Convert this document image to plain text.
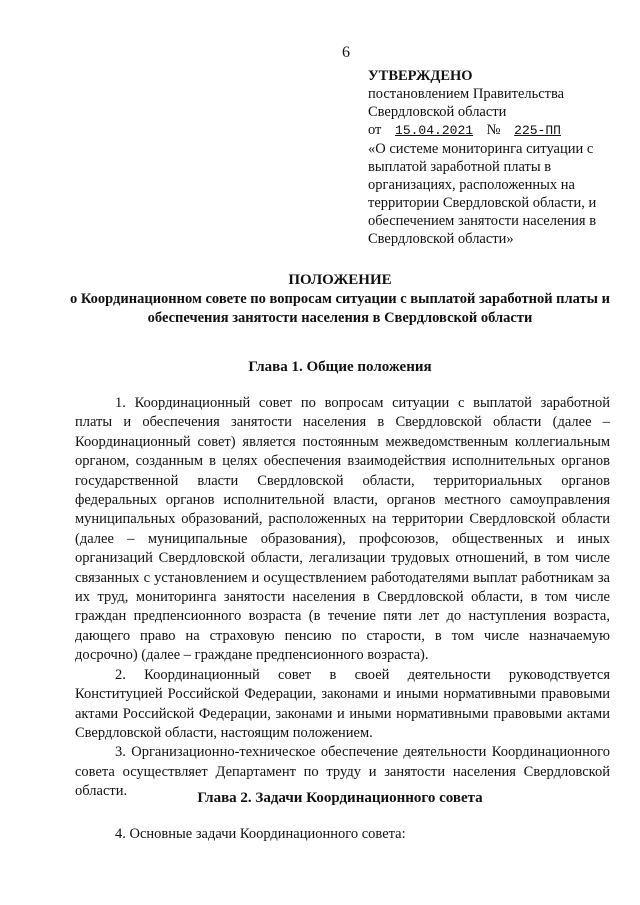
6
УТВЕРЖДЕНО
постановлением Правительства
Свердловской области
от 15.04.2021 № 225-ПП
«О системе мониторинга ситуации с выплатой заработной платы в организациях, расположенных на территории Свердловской области, и обеспечением занятости населения в Свердловской области»
ПОЛОЖЕНИЕ
о Координационном совете по вопросам ситуации с выплатой заработной платы и обеспечения занятости населения в Свердловской области
Глава 1. Общие положения

1. Координационный совет по вопросам ситуации с выплатой заработной платы и обеспечения занятости населения в Свердловской области (далее – Координационный совет) является постоянным межведомственным коллегиальным органом, созданным в целях обеспечения взаимодействия исполнительных органов государственной власти Свердловской области, территориальных органов федеральных органов исполнительной власти, органов местного самоуправления муниципальных образований, расположенных на территории Свердловской области (далее – муниципальные образования), профсоюзов, общественных и иных организаций Свердловской области, легализации трудовых отношений, в том числе связанных с установлением и осуществлением работодателями выплат работникам за их труд, мониторинга занятости населения в Свердловской области, в том числе граждан предпенсионного возраста (в течение пяти лет до наступления возраста, дающего право на страховую пенсию по старости, в том числе назначаемую досрочно) (далее – граждане предпенсионного возраста).

2. Координационный совет в своей деятельности руководствуется Конституцией Российской Федерации, законами и иными нормативными правовыми актами Российской Федерации, законами и иными нормативными правовыми актами Свердловской области, настоящим положением.

3. Организационно-техническое обеспечение деятельности Координационного совета осуществляет Департамент по труду и занятости населения Свердловской области.	Глава 2. Задачи Координационного совета

4. Основные задачи Координационного совета:
